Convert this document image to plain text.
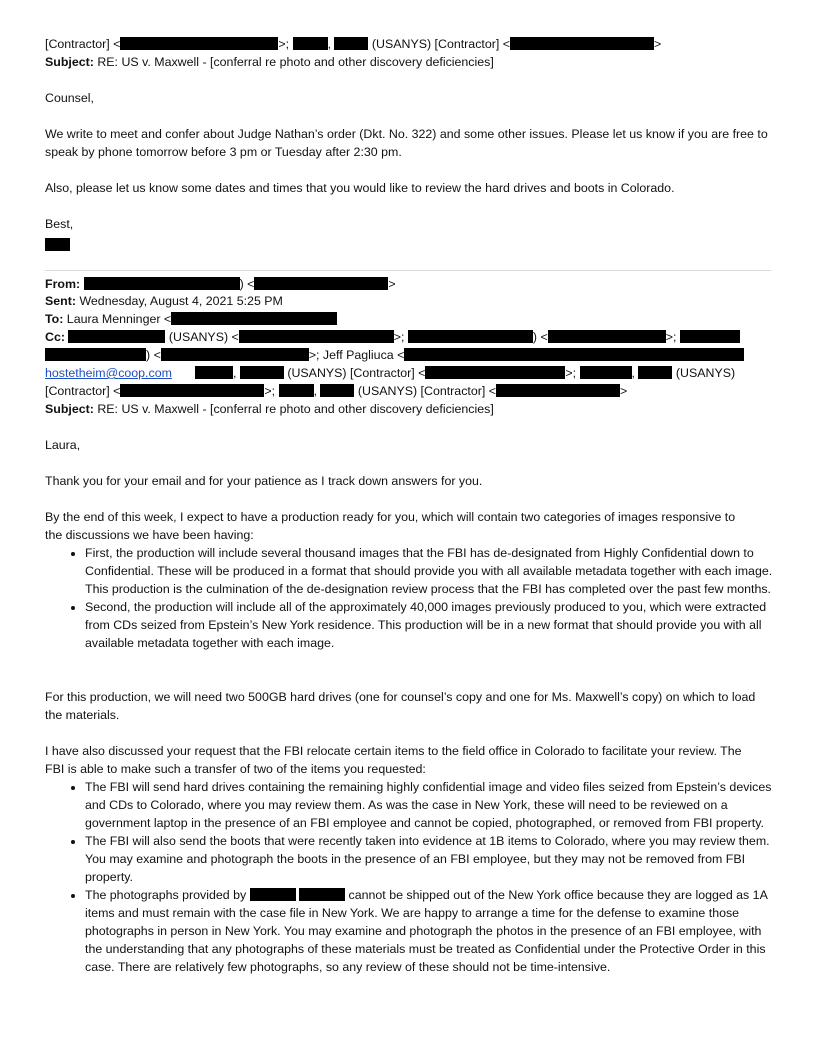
[Contractor] <	>;	,	(USANYS) [Contractor] <	>
Subject: RE: US v. Maxwell - [conferral re photo and other discovery deficiencies]
Counsel,

We write to meet and confer about Judge Nathan’s order (Dkt. No. 322) and some other issues. Please let us know if you are free to speak by phone tomorrow before 3 pm or Tuesday after 2:30 pm.

Also, please let us know some dates and times that you would like to review the hard drives and boots in Colorado.
Best,
From:	) <	>
Sent: Wednesday, August 4, 2021 5:25 PM
To: Laura Menninger <
Cc:	(USANYS) <	>;	) <	>;
) <	>; Jeff Pagliuca <
hostetheim@coop.com	,	(USANYS) [Contractor] <	>;	,	(USANYS)
[Contractor] <	>;	,	(USANYS) [Contractor] <	>
Subject: RE: US v. Maxwell - [conferral re photo and other discovery deficiencies]
Laura,
Thank you for your email and for your patience as I track down answers for you.

By the end of this week, I expect to have a production ready for you, which will contain two categories of images responsive to the discussions we have been having:

• First, the production will include several thousand images that the FBI has de-designated from Highly Confidential down to Confidential. These will be produced in a format that should provide you with all available metadata together with each image. This production is the culmination of the de-designation review process that the FBI has completed over the past few months.
• Second, the production will include all of the approximately 40,000 images previously produced to you, which were extracted from CDs seized from Epstein’s New York residence. This production will be in a new format that should provide you with all available metadata together with each image.

For this production, we will need two 500GB hard drives (one for counsel’s copy and one for Ms. Maxwell’s copy) on which to load the materials.

I have also discussed your request that the FBI relocate certain items to the field office in Colorado to facilitate your review. The FBI is able to make such a transfer of two of the items you requested:

• The FBI will send hard drives containing the remaining highly confidential image and video files seized from Epstein’s devices and CDs to Colorado, where you may review them. As was the case in New York, these will need to be reviewed on a government laptop in the presence of an FBI employee and cannot be copied, photographed, or removed from FBI property.
• The FBI will also send the boots that were recently taken into evidence at 1B items to Colorado, where you may review them. You may examine and photograph the boots in the presence of an FBI employee, but they may not be removed from FBI property.
• The photographs provided by	cannot be shipped out of the New York office because they are logged as 1A items and must remain with the case file in New York. We are happy to arrange a time for the defense to examine those photographs in person in New York. You may examine and photograph the photos in the presence of an FBI employee, with the understanding that any photographs of these materials must be treated as Confidential under the Protective Order in this case. There are relatively few photographs, so any review of these should not be time-intensive.
